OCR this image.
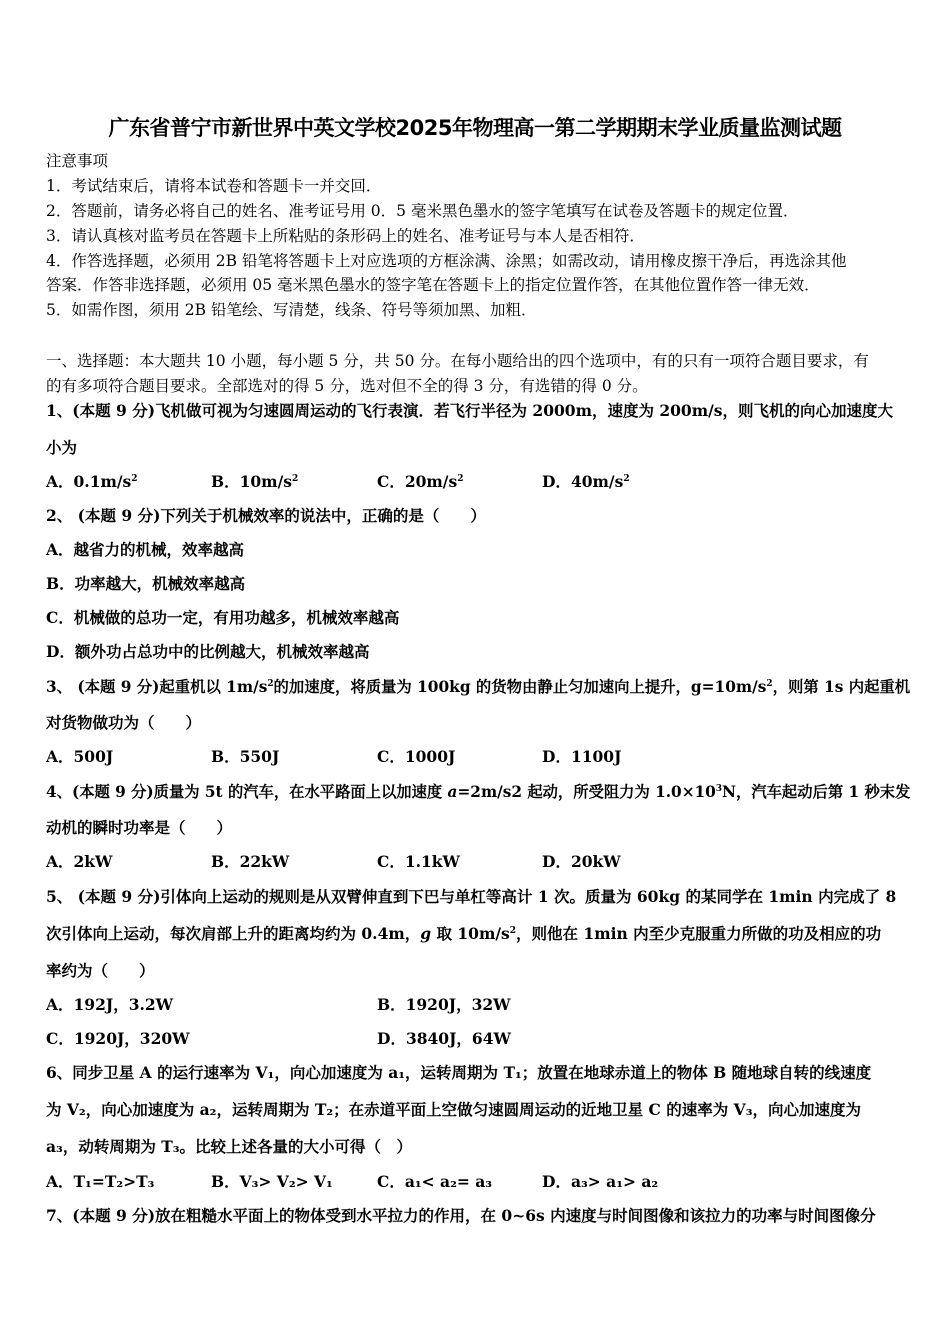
广东省普宁市新世界中英文学校2025年物理高一第二学期期末学业质量监测试题
注意事项
1．考试结束后，请将本试卷和答题卡一并交回．
2．答题前，请务必将自己的姓名、准考证号用 0．5 毫米黑色墨水的签字笔填写在试卷及答题卡的规定位置．
3．请认真核对监考员在答题卡上所粘贴的条形码上的姓名、准考证号与本人是否相符．
4．作答选择题，必须用 2B 铅笔将答题卡上对应选项的方框涂满、涂黑；如需改动，请用橡皮擦干净后，再选涂其他
答案．作答非选择题，必须用 05 毫米黑色墨水的签字笔在答题卡上的指定位置作答，在其他位置作答一律无效．
5．如需作图，须用 2B 铅笔绘、写清楚，线条、符号等须加黑、加粗．
一、选择题：本大题共 10 小题，每小题 5 分，共 50 分。在每小题给出的四个选项中，有的只有一项符合题目要求，有
的有多项符合题目要求。全部选对的得 5 分，选对但不全的得 3 分，有选错的得 0 分。
1、(本题 9 分)飞机做可视为匀速圆周运动的飞行表演．若飞行半径为 2000m，速度为 200m/s，则飞机的向心加速度大
小为
A．$0.1m/s^2$	B．$10m/s^2$	C．$20m/s^2$	D．$40m/s^2$
2、 (本题 9 分)下列关于机械效率的说法中，正确的是（　　）
A．越省力的机械，效率越高
B．功率越大，机械效率越高
C．机械做的总功一定，有用功越多，机械效率越高
D．额外功占总功中的比例越大，机械效率越高
3、 (本题 9 分)起重机以 $1m/s^2$的加速度，将质量为 100kg 的货物由静止匀加速向上提升，$g=10m/s^2$，则第 1s 内起重机
对货物做功为（　　）
A．500J	B．550J	C．1000J	D．1100J
4、(本题 9 分)质量为 5t 的汽车，在水平路面上以加速度 a=2m/s2 起动，所受阻力为 $1.0\times 10^3N$，汽车起动后第 1 秒末发
动机的瞬时功率是（　　）
A．2kW	B．22kW	C．1.1kW	D．20kW
5、 (本题 9 分)引体向上运动的规则是从双臂伸直到下巴与单杠等高计 1 次。质量为 60kg 的某同学在 1min 内完成了 8
次引体向上运动，每次肩部上升的距离均约为 0.4m，g 取 $10m/s^2$，则他在 1min 内至少克服重力所做的功及相应的功
率约为（　　）
A．192J，3.2W	B．1920J，32W
C．1920J，320W	D．3840J，64W
6、同步卫星 A 的运行速率为 V₁，向心加速度为 a₁，运转周期为 T₁；放置在地球赤道上的物体 B 随地球自转的线速度
为 V₂，向心加速度为 a₂，运转周期为 T₂；在赤道平面上空做匀速圆周运动的近地卫星 C 的速率为 V₃，向心加速度为
a₃，动转周期为 T₃。比较上述各量的大小可得（　）
A．T₁=T₂>T₃	B．V₃> V₂> V₁	C．a₁< a₂= a₃	D．a₃> a₁> a₂
7、(本题 9 分)放在粗糙水平面上的物体受到水平拉力的作用，在 0~6s 内速度与时间图像和该拉力的功率与时间图像分
